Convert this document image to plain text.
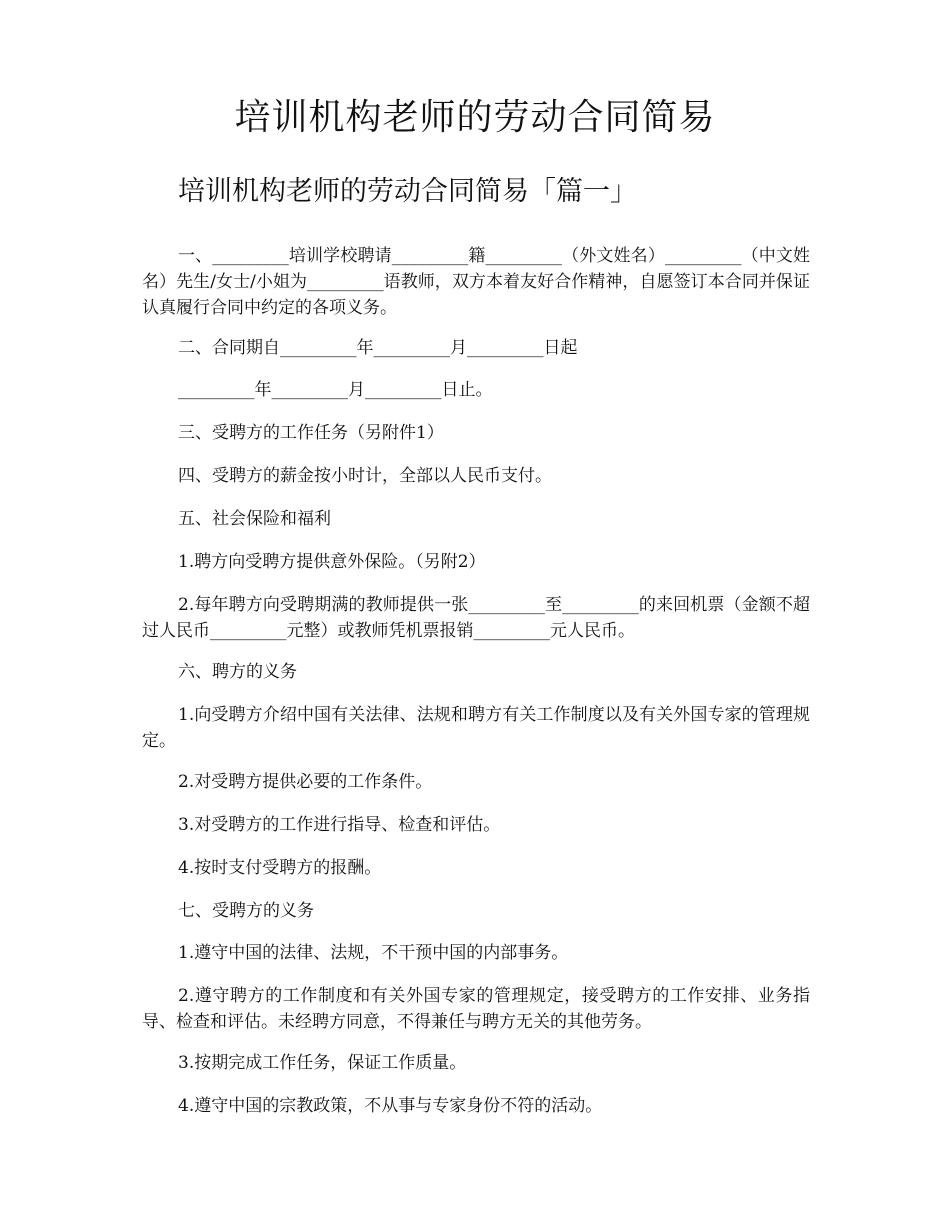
培训机构老师的劳动合同简易
培训机构老师的劳动合同简易「篇一」

一、_________培训学校聘请_________籍_________（外文姓名）_________（中文姓名）先生/女士/小姐为_________语教师，双方本着友好合作精神，自愿签订本合同并保证认真履行合同中约定的各项义务。

二、合同期自_________年_________月_________日起

_________年_________月_________日止。

三、受聘方的工作任务（另附件1）

四、受聘方的薪金按小时计，全部以人民币支付。

五、社会保险和福利

1.聘方向受聘方提供意外保险。（另附2）

2.每年聘方向受聘期满的教师提供一张_________至_________的来回机票（金额不超过人民币_________元整）或教师凭机票报销_________元人民币。

六、聘方的义务

1.向受聘方介绍中国有关法律、法规和聘方有关工作制度以及有关外国专家的管理规定。

2.对受聘方提供必要的工作条件。

3.对受聘方的工作进行指导、检查和评估。

4.按时支付受聘方的报酬。

七、受聘方的义务

1.遵守中国的法律、法规，不干预中国的内部事务。

2.遵守聘方的工作制度和有关外国专家的管理规定，接受聘方的工作安排、业务指导、检查和评估。未经聘方同意，不得兼任与聘方无关的其他劳务。

3.按期完成工作任务，保证工作质量。

4.遵守中国的宗教政策，不从事与专家身份不符的活动。
